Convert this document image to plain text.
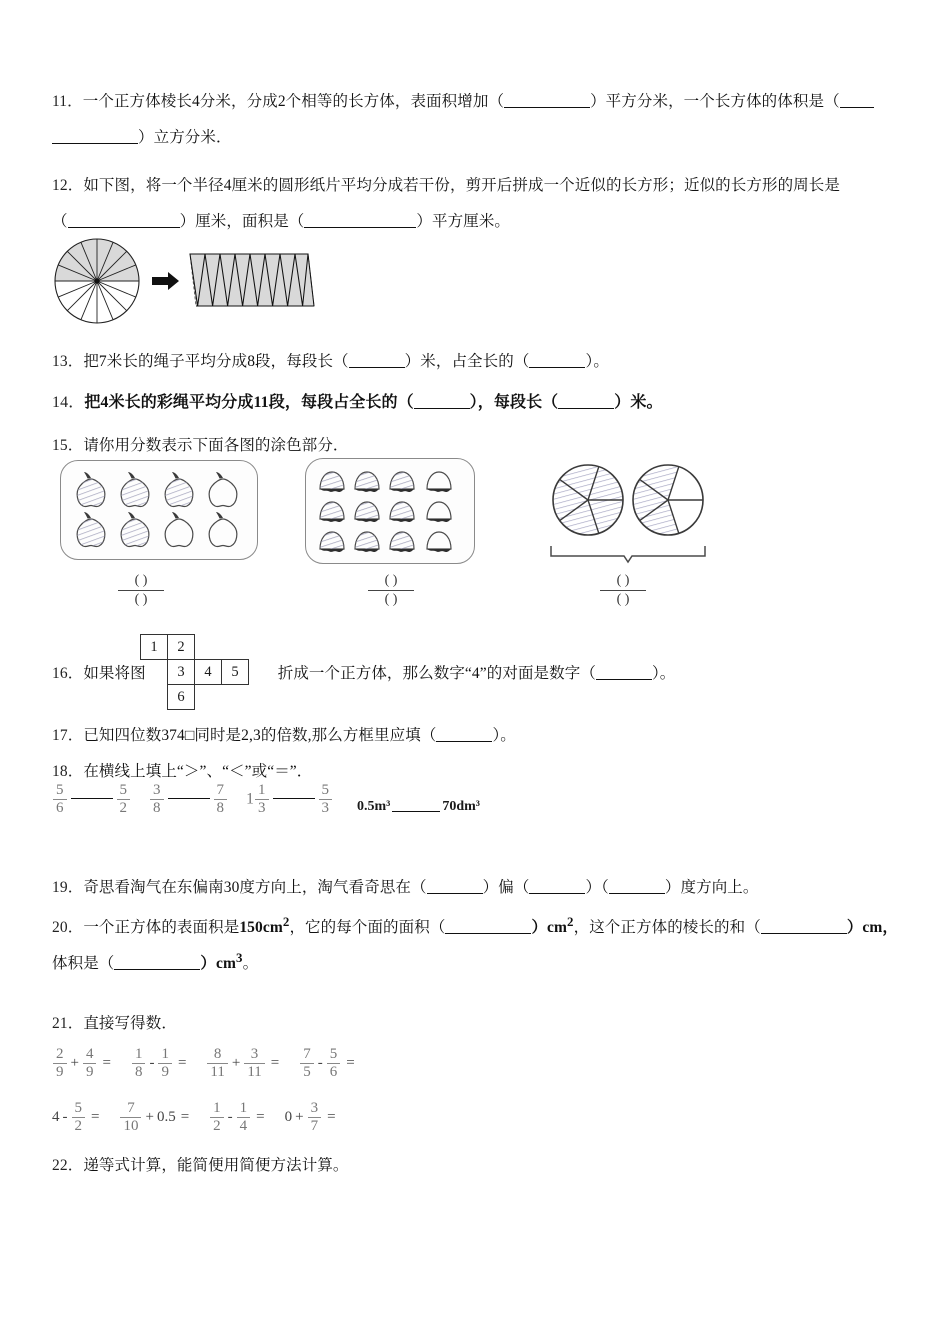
11．一个正方体棱长4分米，分成2个相等的长方体，表面积增加（	）平方分米，一个长方体的体积是（
）立方分米．
12．如下图，将一个半径4厘米的圆形纸片平均分成若干份，剪开后拼成一个近似的长方形；近似的长方形的周长是
（	）厘米，面积是（	）平方厘米。
13．把7米长的绳子平均分成8段，每段长（	）米，占全长的（	）。
14．把4米长的彩绳平均分成11段，每段占全长的（	），每段长（	）米。
15．请你用分数表示下面各图的涂色部分．
( )
( )
( )
( )
( )
( )
1	2		
	3	4	5
	6		
16．如果将图	折成一个正方体，那么数字“4”的对面是数字（	）。
17．已知四位数374□同时是2,3的倍数,那么方框里应填（	）。
18．在横线上填上“＞”、“＜”或“＝”．
$\frac{5}{6}$	$\frac{5}{2} \frac{3}{8}$	$\frac{7}{8} 1 \frac{1}{3}$	$\frac{5}{3} 0.5m^3$	70dm³
19．奇思看淘气在东偏南30度方向上，淘气看奇思在（	）偏（	）（	）度方向上。
20．一个正方体的表面积是$150cm^2$，它的每个面的面积（	）$cm^2$，这个正方体的棱长的和（	）cm，
体积是（	）$cm^3$。
21．直接写得数．
$\frac{2}{9} + \frac{4}{9} = \frac{1}{8} - \frac{1}{9} = \frac{8}{11} + \frac{3}{11} = \frac{7}{5} - \frac{5}{6}$ =
$4 - \frac{5}{2} = \frac{7}{10} + 0.5 = \frac{1}{2} - \frac{1}{4} = 0 + \frac{3}{7}$ =
22．递等式计算，能简便用简便方法计算。
